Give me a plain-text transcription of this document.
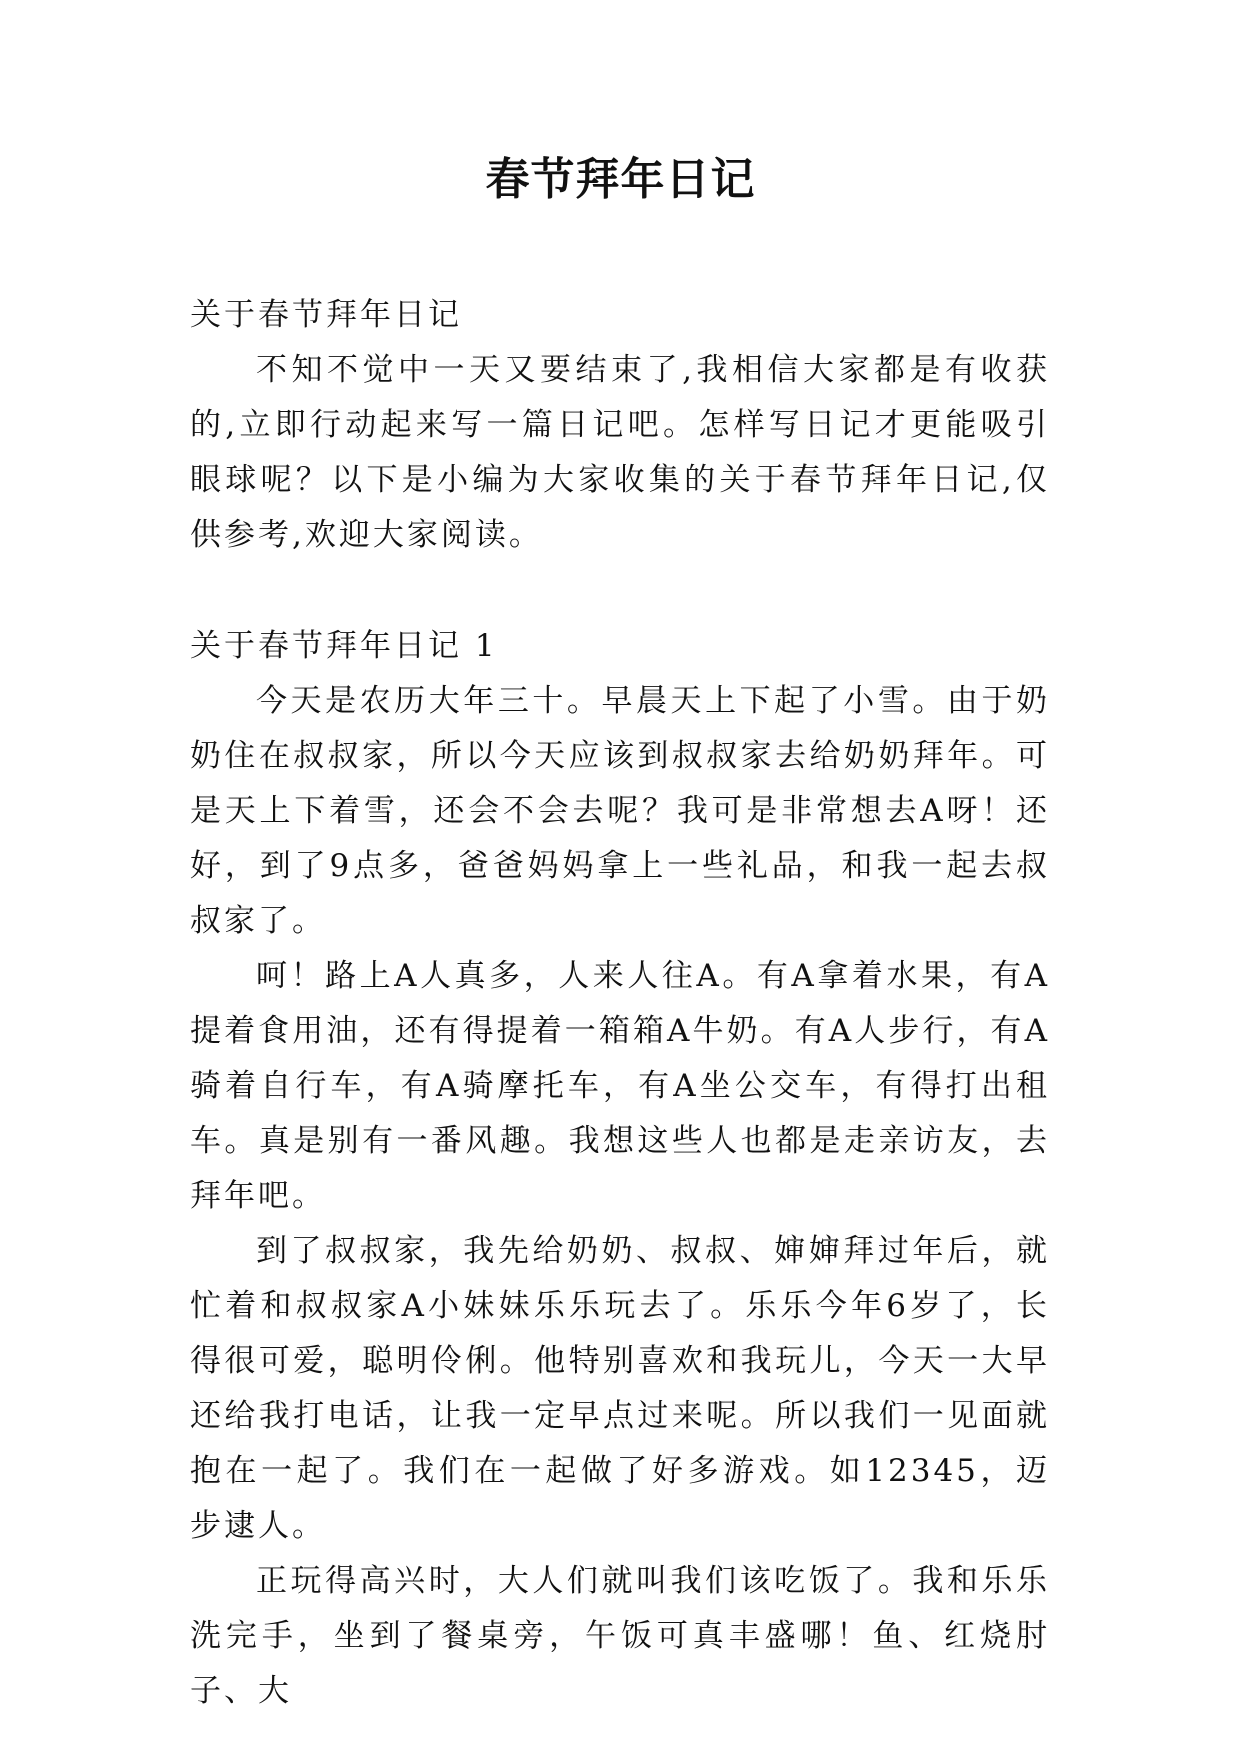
春节拜年日记

关于春节拜年日记

不知不觉中一天又要结束了,我相信大家都是有收获的,立即行动起来写一篇日记吧。怎样写日记才更能吸引眼球呢？以下是小编为大家收集的关于春节拜年日记,仅供参考,欢迎大家阅读。

关于春节拜年日记 1

今天是农历大年三十。早晨天上下起了小雪。由于奶奶住在叔叔家，所以今天应该到叔叔家去给奶奶拜年。可是天上下着雪，还会不会去呢？我可是非常想去A呀！还好，到了9点多，爸爸妈妈拿上一些礼品，和我一起去叔叔家了。

呵！路上A人真多，人来人往A。有A拿着水果，有A提着食用油，还有得提着一箱箱A牛奶。有A人步行，有A骑着自行车，有A骑摩托车，有A坐公交车，有得打出租车。真是别有一番风趣。我想这些人也都是走亲访友，去拜年吧。

到了叔叔家，我先给奶奶、叔叔、婶婶拜过年后，就忙着和叔叔家A小妹妹乐乐玩去了。乐乐今年6岁了，长得很可爱，聪明伶俐。他特别喜欢和我玩儿，今天一大早还给我打电话，让我一定早点过来呢。所以我们一见面就抱在一起了。我们在一起做了好多游戏。如12345，迈步逮人。

正玩得高兴时，大人们就叫我们该吃饭了。我和乐乐洗完手，坐到了餐桌旁，午饭可真丰盛哪！鱼、红烧肘子、大
